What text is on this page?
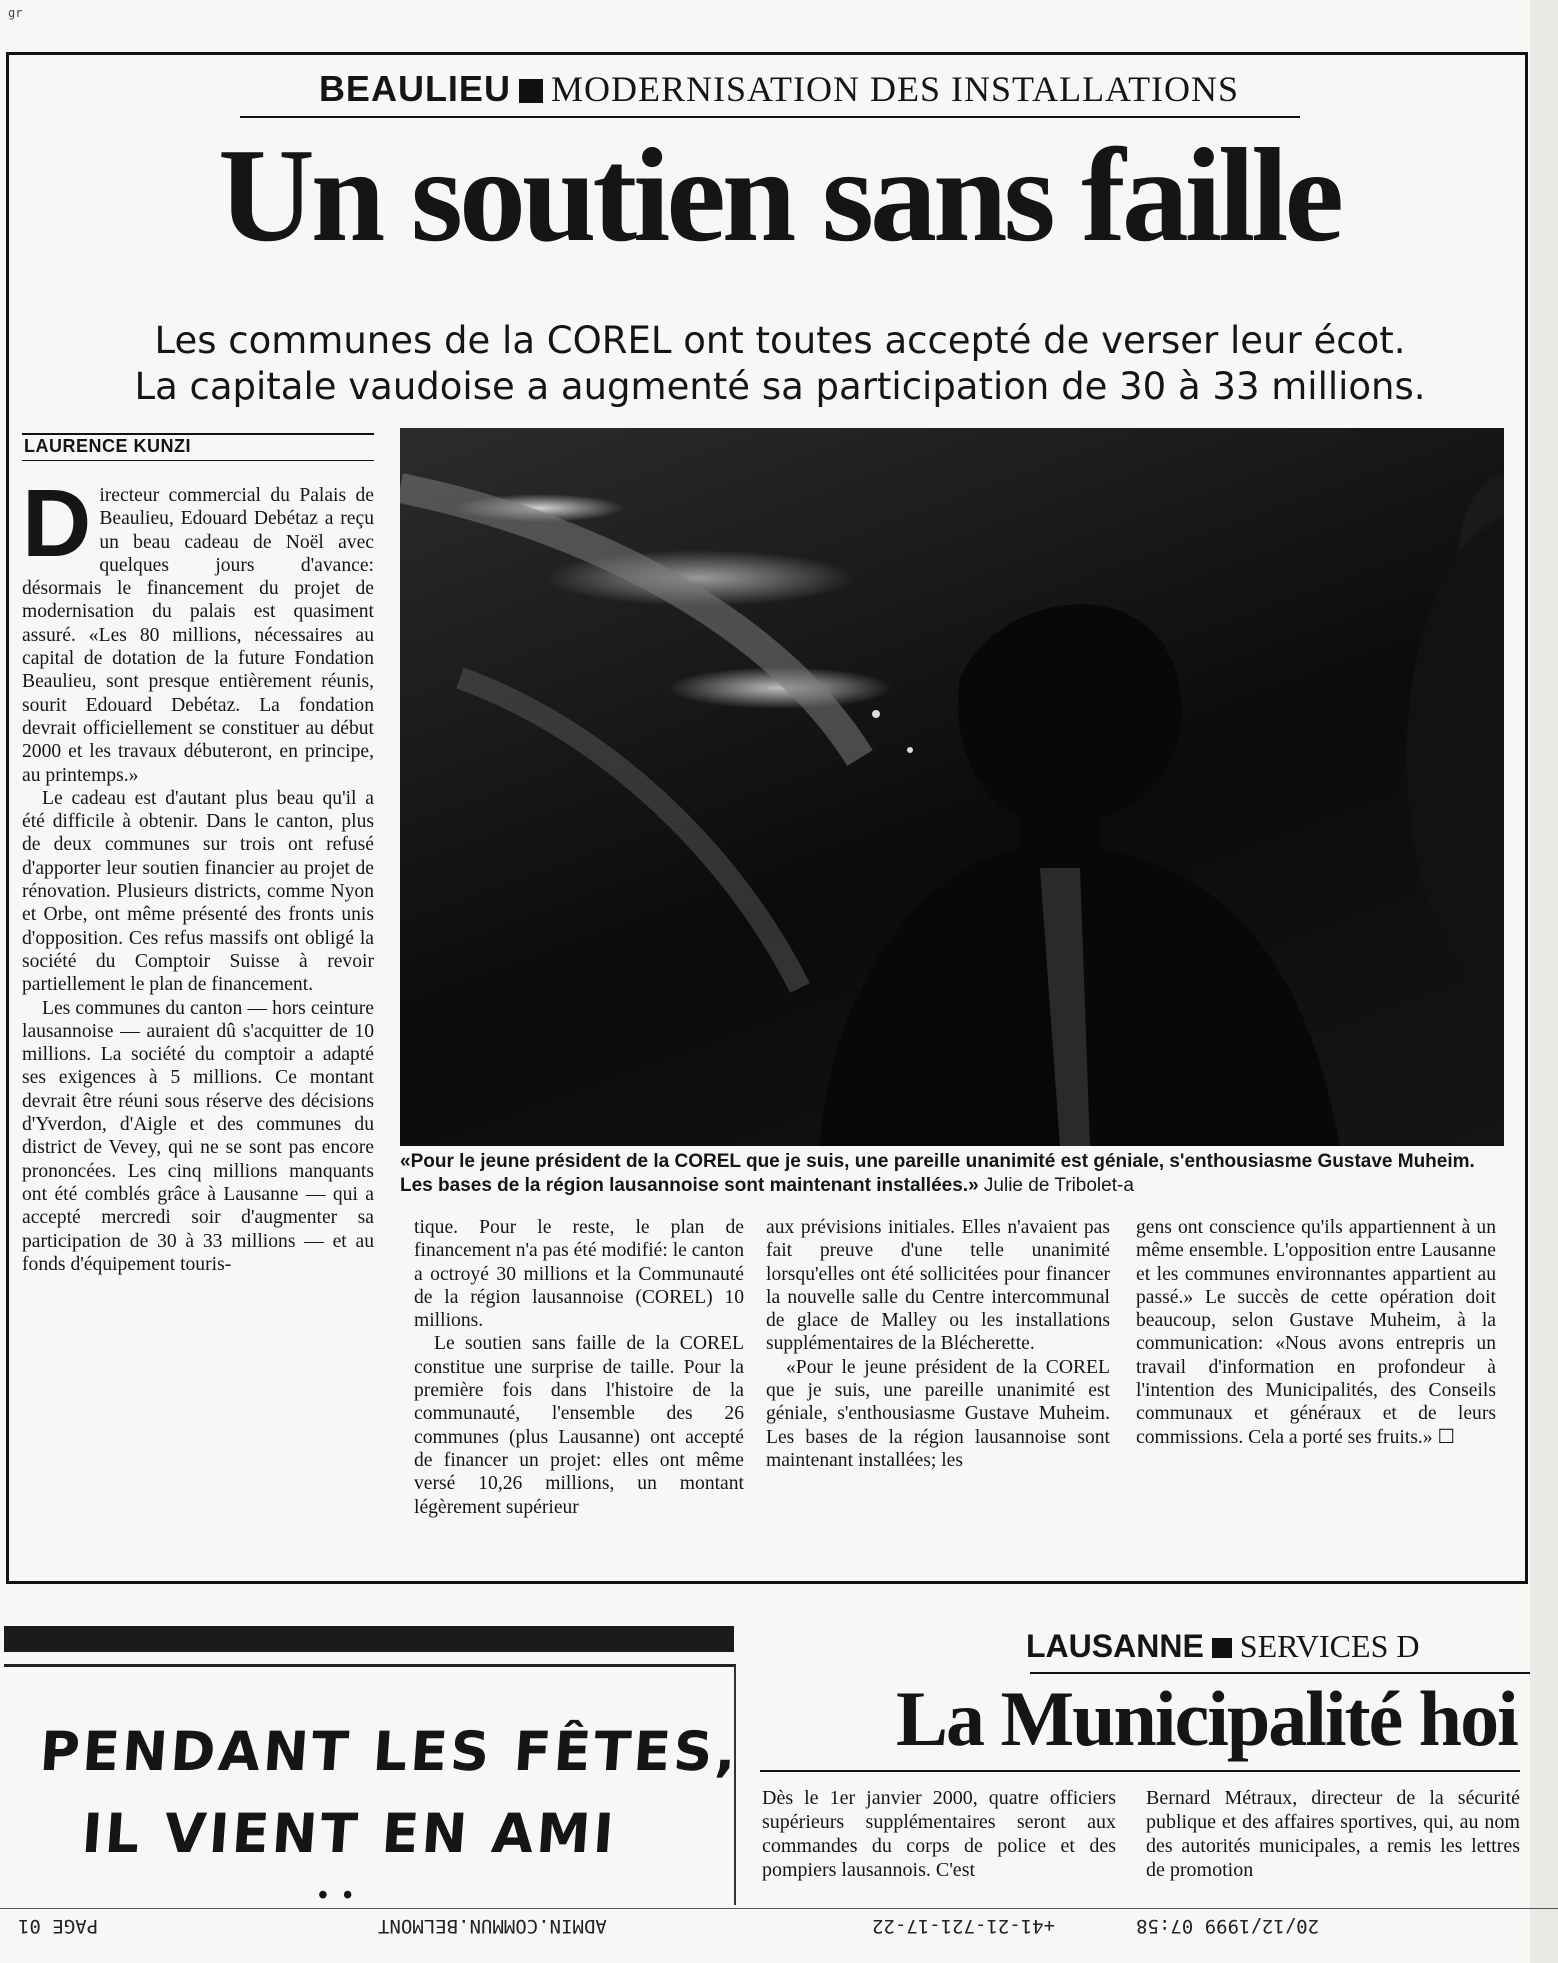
gr
BEAULIEU MODERNISATION DES INSTALLATIONS
Un soutien sans faille
Les communes de la COREL ont toutes accepté de verser leur écot.
La capitale vaudoise a augmenté sa participation de 30 à 33 millions.
LAURENCE KUNZI

Directeur commercial du Palais de Beaulieu, Edouard Debétaz a reçu un beau cadeau de Noël avec quelques jours d'avance: désormais le financement du projet de modernisation du palais est quasiment assuré. «Les 80 millions, nécessaires au capital de dotation de la future Fondation Beaulieu, sont presque entièrement réunis, sourit Edouard Debétaz. La fondation devrait officiellement se constituer au début 2000 et les travaux débuteront, en principe, au printemps.»

Le cadeau est d'autant plus beau qu'il a été difficile à obtenir. Dans le canton, plus de deux communes sur trois ont refusé d'apporter leur soutien financier au projet de rénovation. Plusieurs districts, comme Nyon et Orbe, ont même présenté des fronts unis d'opposition. Ces refus massifs ont obligé la société du Comptoir Suisse à revoir partiellement le plan de financement.

Les communes du canton — hors ceinture lausannoise — auraient dû s'acquitter de 10 millions. La société du comptoir a adapté ses exigences à 5 millions. Ce montant devrait être réuni sous réserve des décisions d'Yverdon, d'Aigle et des communes du district de Vevey, qui ne se sont pas encore prononcées. Les cinq millions manquants ont été comblés grâce à Lausanne — qui a accepté mercredi soir d'augmenter sa participation de 30 à 33 millions — et au fonds d'équipement touris-

«Pour le jeune président de la COREL que je suis, une pareille unanimité est géniale, s'enthousiasme Gustave Muheim. Les bases de la région lausannoise sont maintenant installées.» Julie de Tribolet-a

tique. Pour le reste, le plan de financement n'a pas été modifié: le canton a octroyé 30 millions et la Communauté de la région lausannoise (COREL) 10 millions.

Le soutien sans faille de la COREL constitue une surprise de taille. Pour la première fois dans l'histoire de la communauté, l'ensemble des 26 communes (plus Lausanne) ont accepté de financer un projet: elles ont même versé 10,26 millions, un montant légèrement supérieur

aux prévisions initiales. Elles n'avaient pas fait preuve d'une telle unanimité lorsqu'elles ont été sollicitées pour financer la nouvelle salle du Centre intercommunal de glace de Malley ou les installations supplémentaires de la Blécherette.

«Pour le jeune président de la COREL que je suis, une pareille unanimité est géniale, s'enthousiasme Gustave Muheim. Les bases de la région lausannoise sont maintenant installées; les

gens ont conscience qu'ils appartiennent à un même ensemble. L'opposition entre Lausanne et les communes environnantes appartient au passé.» Le succès de cette opération doit beaucoup, selon Gustave Muheim, à la communication: «Nous avons entrepris un travail d'information en profondeur à l'intention des Municipalités, des Conseils communaux et généraux et de leurs commissions. Cela a porté ses fruits.» ☐

PENDANT LES FÊTES,
IL VIENT EN AMI
• •
LAUSANNE SERVICES D
La Municipalité hoi

Dès le 1er janvier 2000, quatre officiers supérieurs supplémentaires seront aux commandes du corps de police et des pompiers lausannois. C'est

Bernard Métraux, directeur de la sécurité publique et des affaires sportives, qui, au nom des autorités municipales, a remis les lettres de promotion

PAGE 01	ADMIN.COMMUN.BELMONT	+41-21-721-17-22	20/12/1999 07:58
